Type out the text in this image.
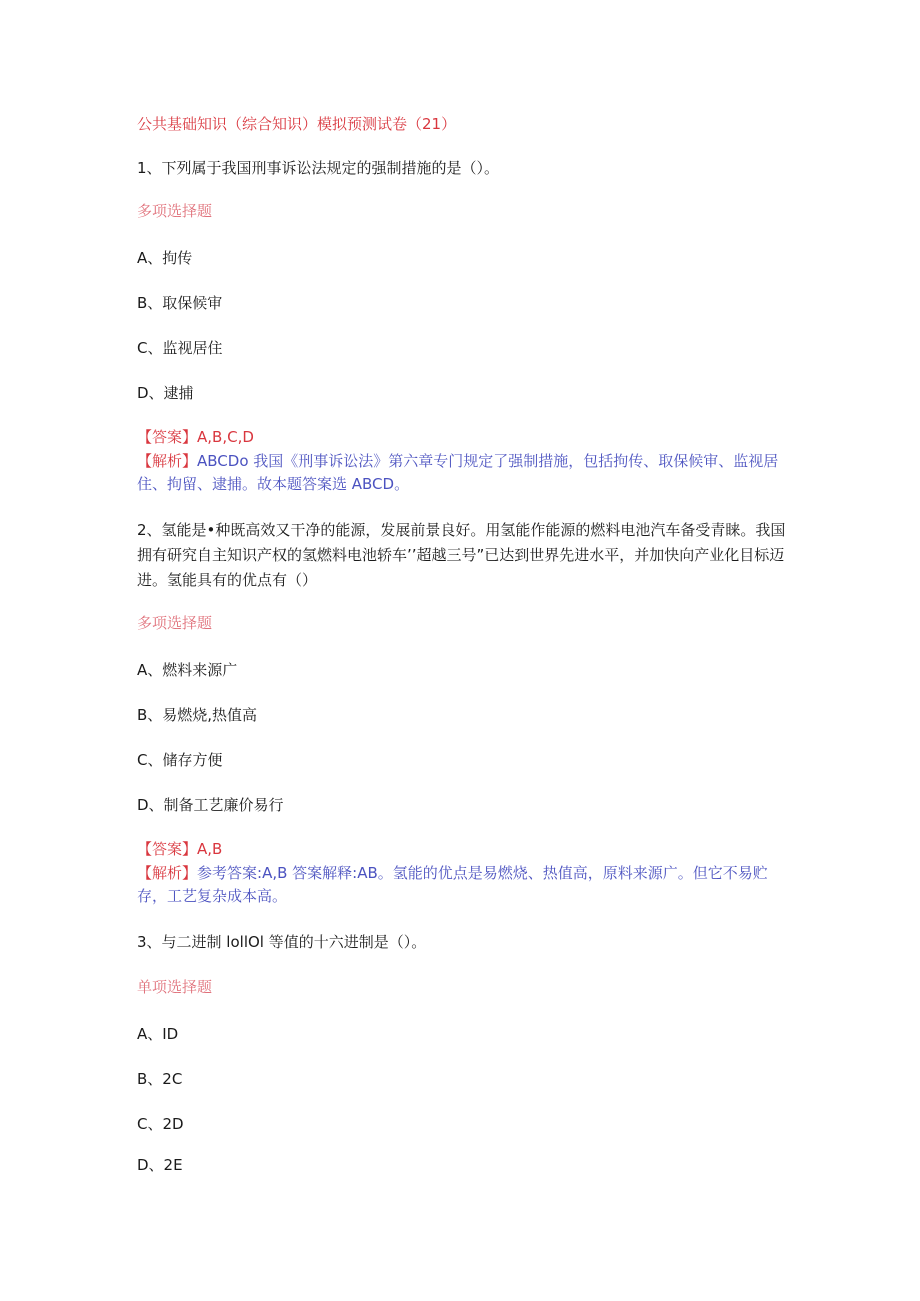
公共基础知识（综合知识）模拟预测试卷（21）
1、下列属于我国刑事诉讼法规定的强制措施的是（）。
多项选择题
A、拘传
B、取保候审
C、监视居住
D、逮捕
【答案】A,B,C,D
【解析】ABCDo 我国《刑事诉讼法》第六章专门规定了强制措施，包括拘传、取保候审、监视居住、拘留、逮捕。故本题答案选 ABCD。
2、氢能是•种既高效又干净的能源，发展前景良好。用氢能作能源的燃料电池汽车备受青睐。我国拥有研究自主知识产权的氢燃料电池轿车’’超越三号”已达到世界先进水平，并加快向产业化目标迈进。氢能具有的优点有（）
多项选择题
A、燃料来源广
B、易燃烧,热值高
C、储存方便
D、制备工艺廉价易行
【答案】A,B
【解析】参考答案:A,B 答案解释:AB。氢能的优点是易燃烧、热值高，原料来源广。但它不易贮存，工艺复杂成本高。
3、与二进制 lollOl 等值的十六进制是（）。
单项选择题
A、ID
B、2C
C、2D
D、2E
